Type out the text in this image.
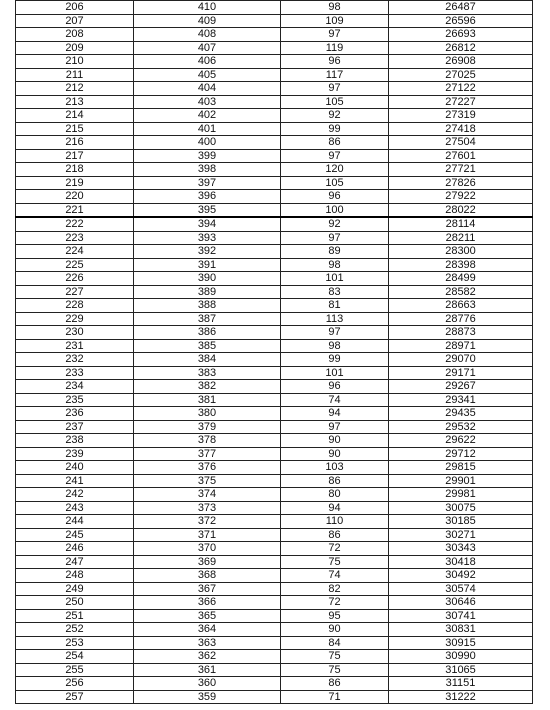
206	410	98	26487
207	409	109	26596
208	408	97	26693
209	407	119	26812
210	406	96	26908
211	405	117	27025
212	404	97	27122
213	403	105	27227
214	402	92	27319
215	401	99	27418
216	400	86	27504
217	399	97	27601
218	398	120	27721
219	397	105	27826
220	396	96	27922
221	395	100	28022
222	394	92	28114
223	393	97	28211
224	392	89	28300
225	391	98	28398
226	390	101	28499
227	389	83	28582
228	388	81	28663
229	387	113	28776
230	386	97	28873
231	385	98	28971
232	384	99	29070
233	383	101	29171
234	382	96	29267
235	381	74	29341
236	380	94	29435
237	379	97	29532
238	378	90	29622
239	377	90	29712
240	376	103	29815
241	375	86	29901
242	374	80	29981
243	373	94	30075
244	372	110	30185
245	371	86	30271
246	370	72	30343
247	369	75	30418
248	368	74	30492
249	367	82	30574
250	366	72	30646
251	365	95	30741
252	364	90	30831
253	363	84	30915
254	362	75	30990
255	361	75	31065
256	360	86	31151
257	359	71	31222
